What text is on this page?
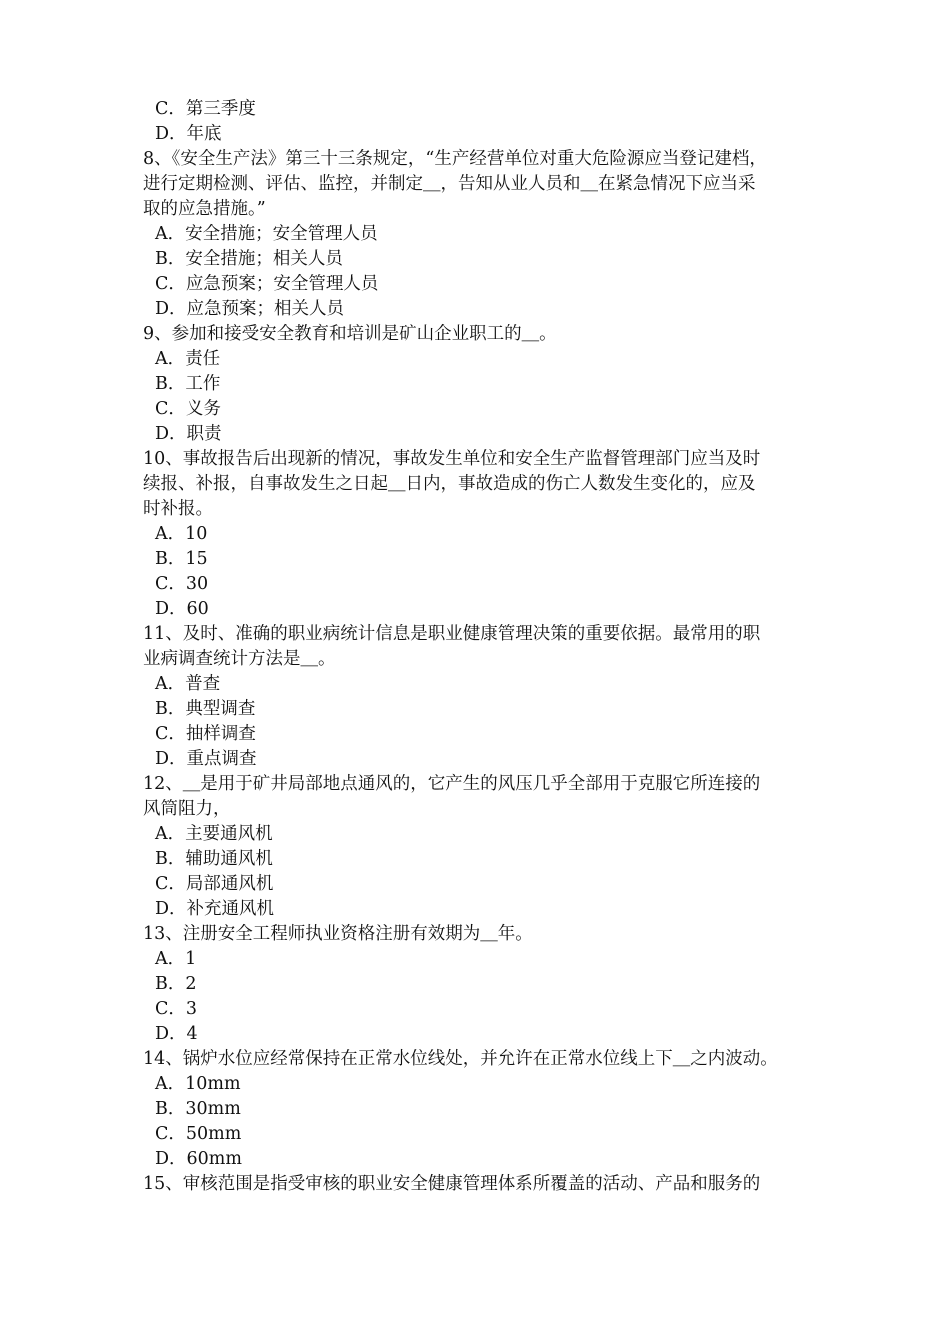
C．第三季度
D．年底
8、《安全生产法》第三十三条规定，“生产经营单位对重大危险源应当登记建档，
进行定期检测、评估、监控，并制定＿，告知从业人员和＿在紧急情况下应当采
取的应急措施。”
A．安全措施；安全管理人员
B．安全措施；相关人员
C．应急预案；安全管理人员
D．应急预案；相关人员
9、参加和接受安全教育和培训是矿山企业职工的＿。
A．责任
B．工作
C．义务
D．职责
10、事故报告后出现新的情况，事故发生单位和安全生产监督管理部门应当及时
续报、补报，自事故发生之日起＿日内，事故造成的伤亡人数发生变化的，应及
时补报。
A．10
B．15
C．30
D．60
11、及时、准确的职业病统计信息是职业健康管理决策的重要依据。最常用的职
业病调查统计方法是＿。
A．普查
B．典型调查
C．抽样调查
D．重点调查
12、＿是用于矿井局部地点通风的，它产生的风压几乎全部用于克服它所连接的
风筒阻力，
A．主要通风机
B．辅助通风机
C．局部通风机
D．补充通风机
13、注册安全工程师执业资格注册有效期为＿年。
A．1
B．2
C．3
D．4
14、锅炉水位应经常保持在正常水位线处，并允许在正常水位线上下＿之内波动。
A．10mm
B．30mm
C．50mm
D．60mm
15、审核范围是指受审核的职业安全健康管理体系所覆盖的活动、产品和服务的
